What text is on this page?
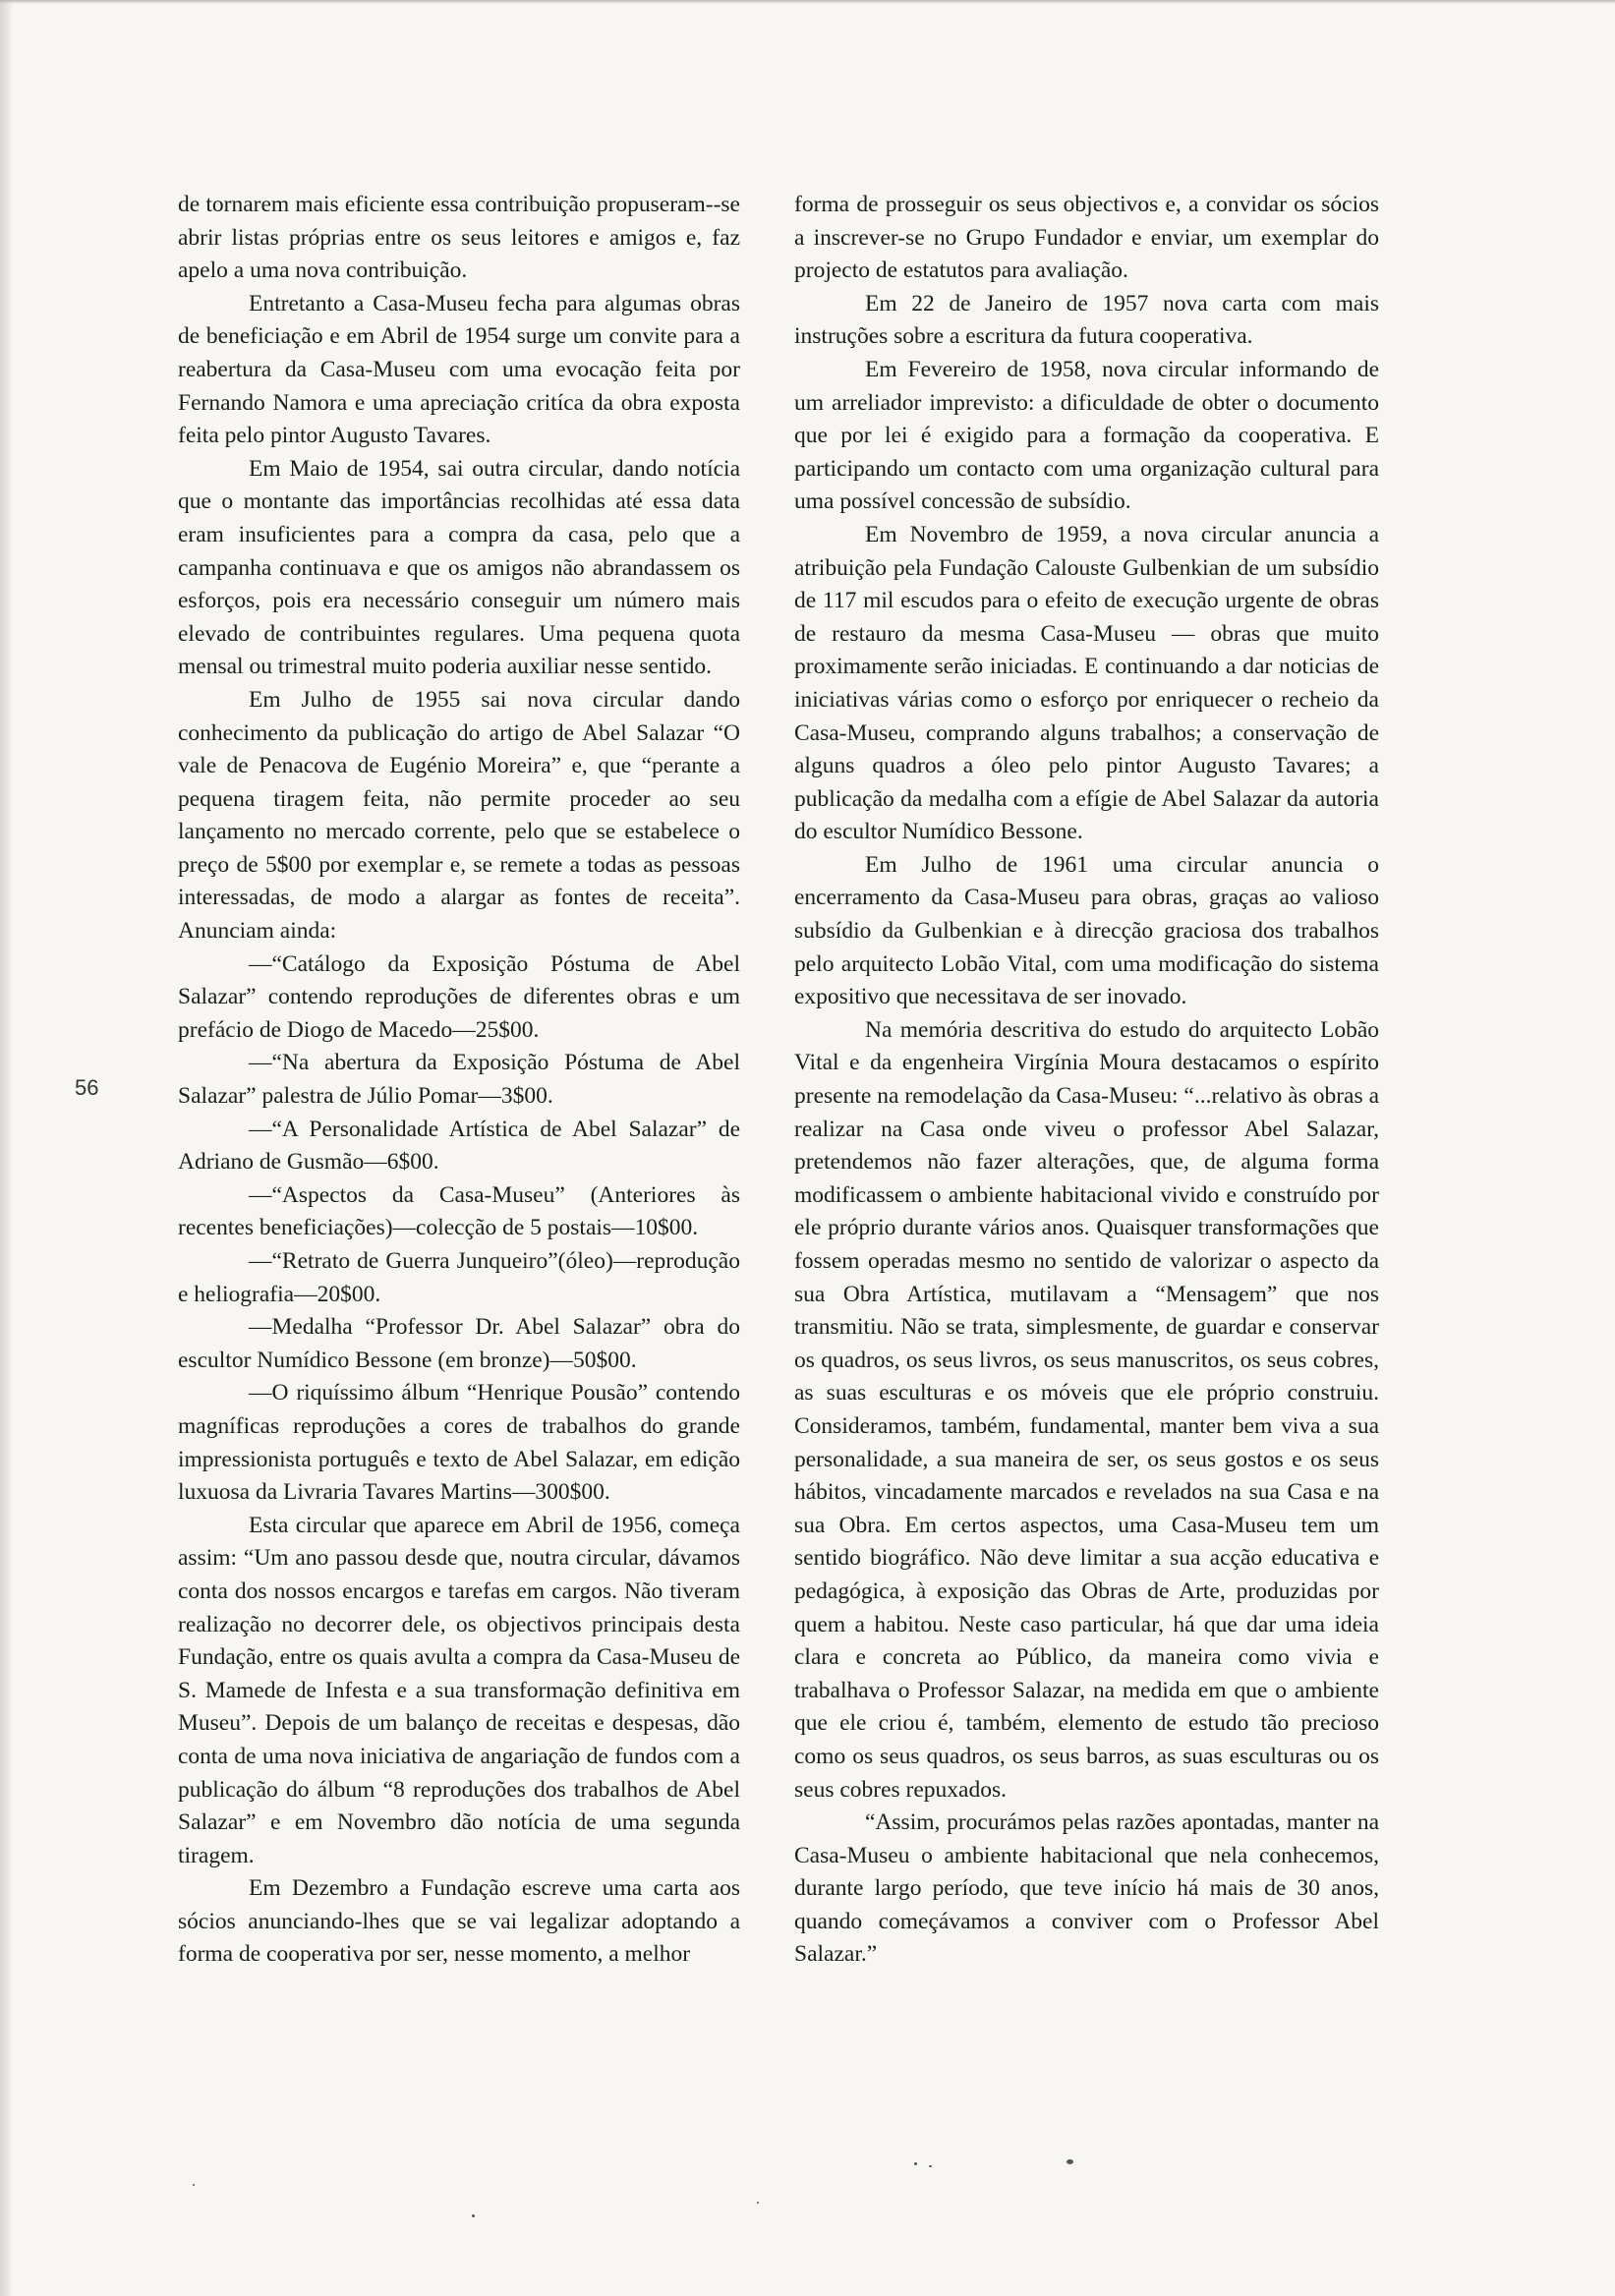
de tornarem mais eficiente essa contribuição propuseram--se abrir listas próprias entre os seus leitores e amigos e, faz apelo a uma nova contribuição.

Entretanto a Casa-Museu fecha para algumas obras de beneficiação e em Abril de 1954 surge um convite para a reabertura da Casa-Museu com uma evocação feita por Fernando Namora e uma apreciação critíca da obra exposta feita pelo pintor Augusto Tavares.

Em Maio de 1954, sai outra circular, dando notícia que o montante das importâncias recolhidas até essa data eram insuficientes para a compra da casa, pelo que a campanha continuava e que os amigos não abrandassem os esforços, pois era necessário conseguir um número mais elevado de contribuintes regulares. Uma pequena quota mensal ou trimestral muito poderia auxiliar nesse sentido.

Em Julho de 1955 sai nova circular dando conhecimento da publicação do artigo de Abel Salazar “O vale de Penacova de Eugénio Moreira” e, que “perante a pequena tiragem feita, não permite proceder ao seu lançamento no mercado corrente, pelo que se estabelece o preço de 5$00 por exemplar e, se remete a todas as pessoas interessadas, de modo a alargar as fontes de receita”. Anunciam ainda:

—“Catálogo da Exposição Póstuma de Abel Salazar” contendo reproduções de diferentes obras e um prefácio de Diogo de Macedo—25$00.

—“Na abertura da Exposição Póstuma de Abel Salazar” palestra de Júlio Pomar—3$00.

—“A Personalidade Artística de Abel Salazar” de Adriano de Gusmão—6$00.

—“Aspectos da Casa-Museu” (Anteriores às recentes beneficiações)—colecção de 5 postais—10$00.

—“Retrato de Guerra Junqueiro”(óleo)—reprodução e heliografia—20$00.

—Medalha “Professor Dr. Abel Salazar” obra do escultor Numídico Bessone (em bronze)—50$00.

—O riquíssimo álbum “Henrique Pousão” contendo magníficas reproduções a cores de trabalhos do grande impressionista português e texto de Abel Salazar, em edição luxuosa da Livraria Tavares Martins—300$00.

Esta circular que aparece em Abril de 1956, começa assim: “Um ano passou desde que, noutra circular, dávamos conta dos nossos encargos e tarefas em cargos. Não tiveram realização no decorrer dele, os objectivos principais desta Fundação, entre os quais avulta a compra da Casa-Museu de S. Mamede de Infesta e a sua transformação definitiva em Museu”. Depois de um balanço de receitas e despesas, dão conta de uma nova iniciativa de angariação de fundos com a publicação do álbum “8 reproduções dos trabalhos de Abel Salazar” e em Novembro dão notícia de uma segunda tiragem.

Em Dezembro a Fundação escreve uma carta aos sócios anunciando-lhes que se vai legalizar adoptando a forma de cooperativa por ser, nesse momento, a melhor

forma de prosseguir os seus objectivos e, a convidar os sócios a inscrever-se no Grupo Fundador e enviar, um exemplar do projecto de estatutos para avaliação.

Em 22 de Janeiro de 1957 nova carta com mais instruções sobre a escritura da futura cooperativa.

Em Fevereiro de 1958, nova circular informando de um arreliador imprevisto: a dificuldade de obter o documento que por lei é exigido para a formação da cooperativa. E participando um contacto com uma organização cultural para uma possível concessão de subsídio.

Em Novembro de 1959, a nova circular anuncia a atribuição pela Fundação Calouste Gulbenkian de um subsídio de 117 mil escudos para o efeito de execução urgente de obras de restauro da mesma Casa-Museu — obras que muito proximamente serão iniciadas. E continuando a dar noticias de iniciativas várias como o esforço por enriquecer o recheio da Casa-Museu, comprando alguns trabalhos; a conservação de alguns quadros a óleo pelo pintor Augusto Tavares; a publicação da medalha com a efígie de Abel Salazar da autoria do escultor Numídico Bessone.

Em Julho de 1961 uma circular anuncia o encerramento da Casa-Museu para obras, graças ao valioso subsídio da Gulbenkian e à direcção graciosa dos trabalhos pelo arquitecto Lobão Vital, com uma modificação do sistema expositivo que necessitava de ser inovado.

Na memória descritiva do estudo do arquitecto Lobão Vital e da engenheira Virgínia Moura destacamos o espírito presente na remodelação da Casa-Museu: “...relativo às obras a realizar na Casa onde viveu o professor Abel Salazar, pretendemos não fazer alterações, que, de alguma forma modificassem o ambiente habitacional vivido e construído por ele próprio durante vários anos. Quaisquer transformações que fossem operadas mesmo no sentido de valorizar o aspecto da sua Obra Artística, mutilavam a “Mensagem” que nos transmitiu. Não se trata, simplesmente, de guardar e conservar os quadros, os seus livros, os seus manuscritos, os seus cobres, as suas esculturas e os móveis que ele próprio construiu. Consideramos, também, fundamental, manter bem viva a sua personalidade, a sua maneira de ser, os seus gostos e os seus hábitos, vincadamente marcados e revelados na sua Casa e na sua Obra. Em certos aspectos, uma Casa-Museu tem um sentido biográfico. Não deve limitar a sua acção educativa e pedagógica, à exposição das Obras de Arte, produzidas por quem a habitou. Neste caso particular, há que dar uma ideia clara e concreta ao Público, da maneira como vivia e trabalhava o Professor Salazar, na medida em que o ambiente que ele criou é, também, elemento de estudo tão precioso como os seus quadros, os seus barros, as suas esculturas ou os seus cobres repuxados.

“Assim, procurámos pelas razões apontadas, manter na Casa-Museu o ambiente habitacional que nela conhecemos, durante largo período, que teve início há mais de 30 anos, quando começávamos a conviver com o Professor Abel Salazar.”

56
